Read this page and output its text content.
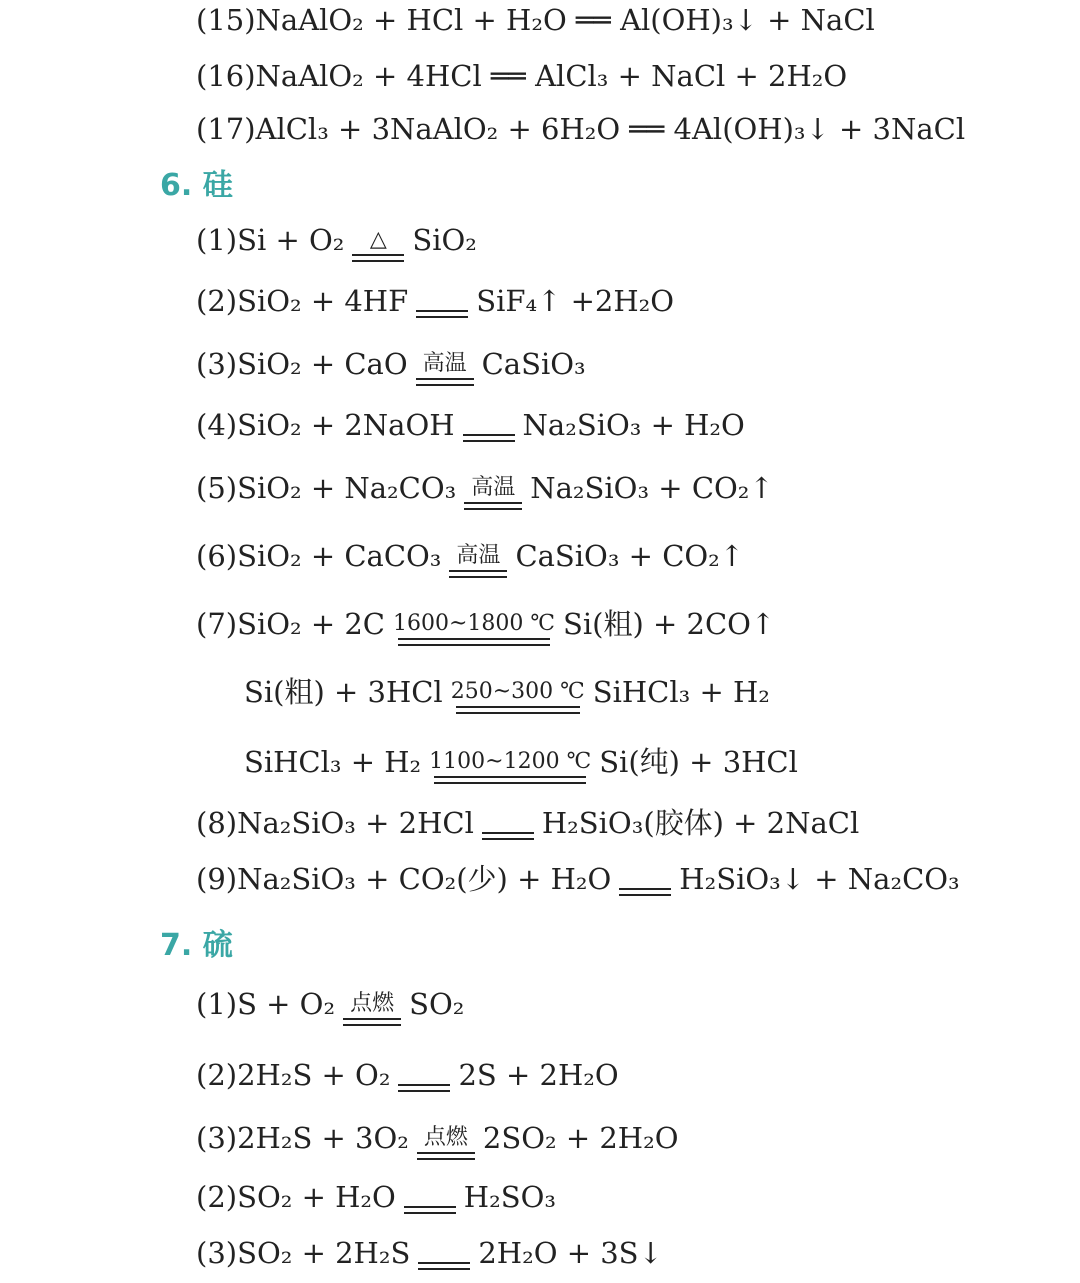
(15)NaAlO₂ + HCl + H₂O ══ Al(OH)₃↓ + NaCl
(16)NaAlO₂ + 4HCl ══ AlCl₃ + NaCl + 2H₂O
(17)AlCl₃ + 3NaAlO₂ + 6H₂O ══ 4Al(OH)₃↓ + 3NaCl
6. 硅
(1)Si + O₂ △ SiO₂
(2)SiO₂ + 4HF SiF₄↑ +2H₂O
(3)SiO₂ + CaO 高温 CaSiO₃
(4)SiO₂ + 2NaOH Na₂SiO₃ + H₂O
(5)SiO₂ + Na₂CO₃ 高温 Na₂SiO₃ + CO₂↑
(6)SiO₂ + CaCO₃ 高温 CaSiO₃ + CO₂↑
(7)SiO₂ + 2C 1600~1800 ℃ Si(粗) + 2CO↑
Si(粗) + 3HCl 250~300 ℃ SiHCl₃ + H₂
SiHCl₃ + H₂ 1100~1200 ℃ Si(纯) + 3HCl
(8)Na₂SiO₃ + 2HCl H₂SiO₃(胶体) + 2NaCl
(9)Na₂SiO₃ + CO₂(少) + H₂O H₂SiO₃↓ + Na₂CO₃
7. 硫
(1)S + O₂ 点燃 SO₂
(2)2H₂S + O₂ 2S + 2H₂O
(3)2H₂S + 3O₂ 点燃 2SO₂ + 2H₂O
(2)SO₂ + H₂O H₂SO₃
(3)SO₂ + 2H₂S 2H₂O + 3S↓
